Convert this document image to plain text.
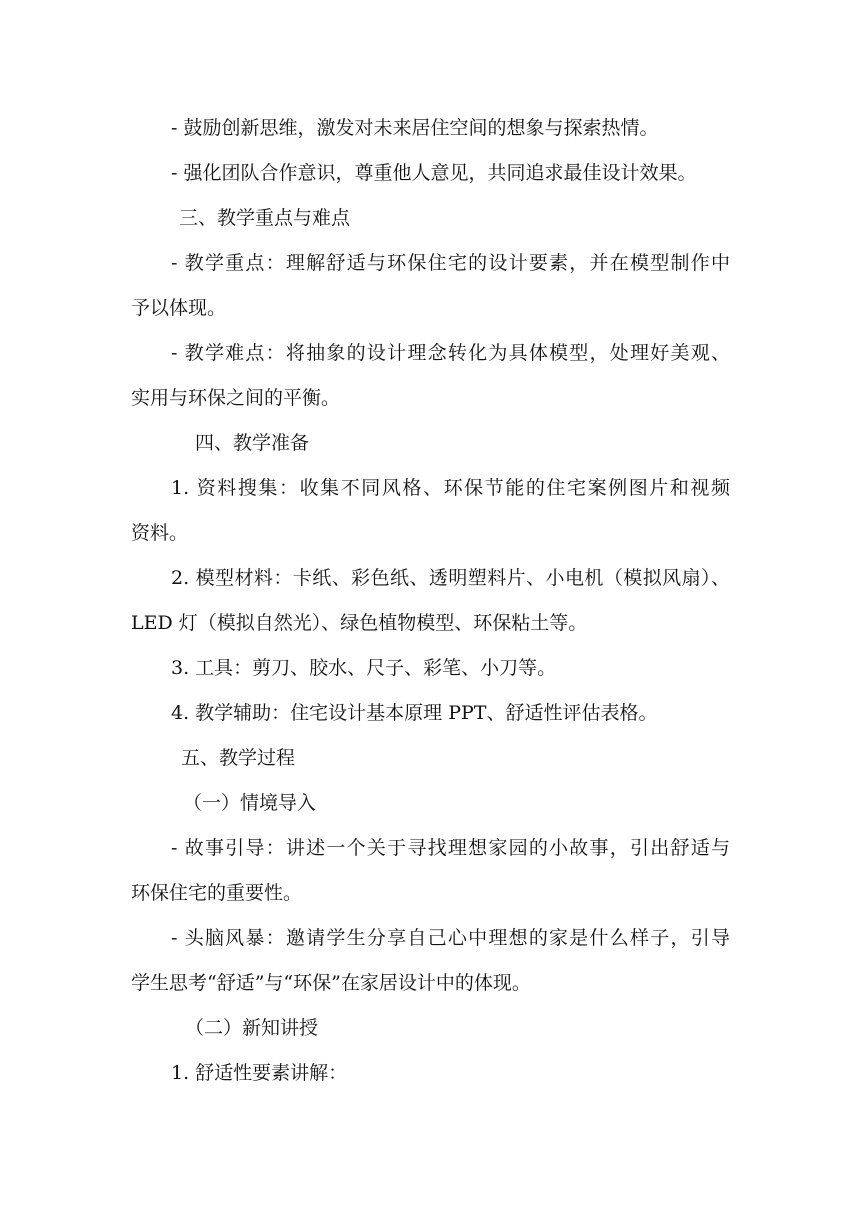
- 鼓励创新思维，激发对未来居住空间的想象与探索热情。
- 强化团队合作意识，尊重他人意见，共同追求最佳设计效果。
三、教学重点与难点
- 教学重点：理解舒适与环保住宅的设计要素，并在模型制作中
予以体现。
- 教学难点：将抽象的设计理念转化为具体模型，处理好美观、
实用与环保之间的平衡。
四、教学准备
1. 资料搜集：收集不同风格、环保节能的住宅案例图片和视频
资料。
2. 模型材料：卡纸、彩色纸、透明塑料片、小电机（模拟风扇）、
LED 灯（模拟自然光）、绿色植物模型、环保粘土等。
3. 工具：剪刀、胶水、尺子、彩笔、小刀等。
4. 教学辅助：住宅设计基本原理 PPT、舒适性评估表格。
五、教学过程
（一）情境导入
- 故事引导：讲述一个关于寻找理想家园的小故事，引出舒适与
环保住宅的重要性。
- 头脑风暴：邀请学生分享自己心中理想的家是什么样子，引导
学生思考“舒适”与“环保”在家居设计中的体现。
（二）新知讲授
1. 舒适性要素讲解：
